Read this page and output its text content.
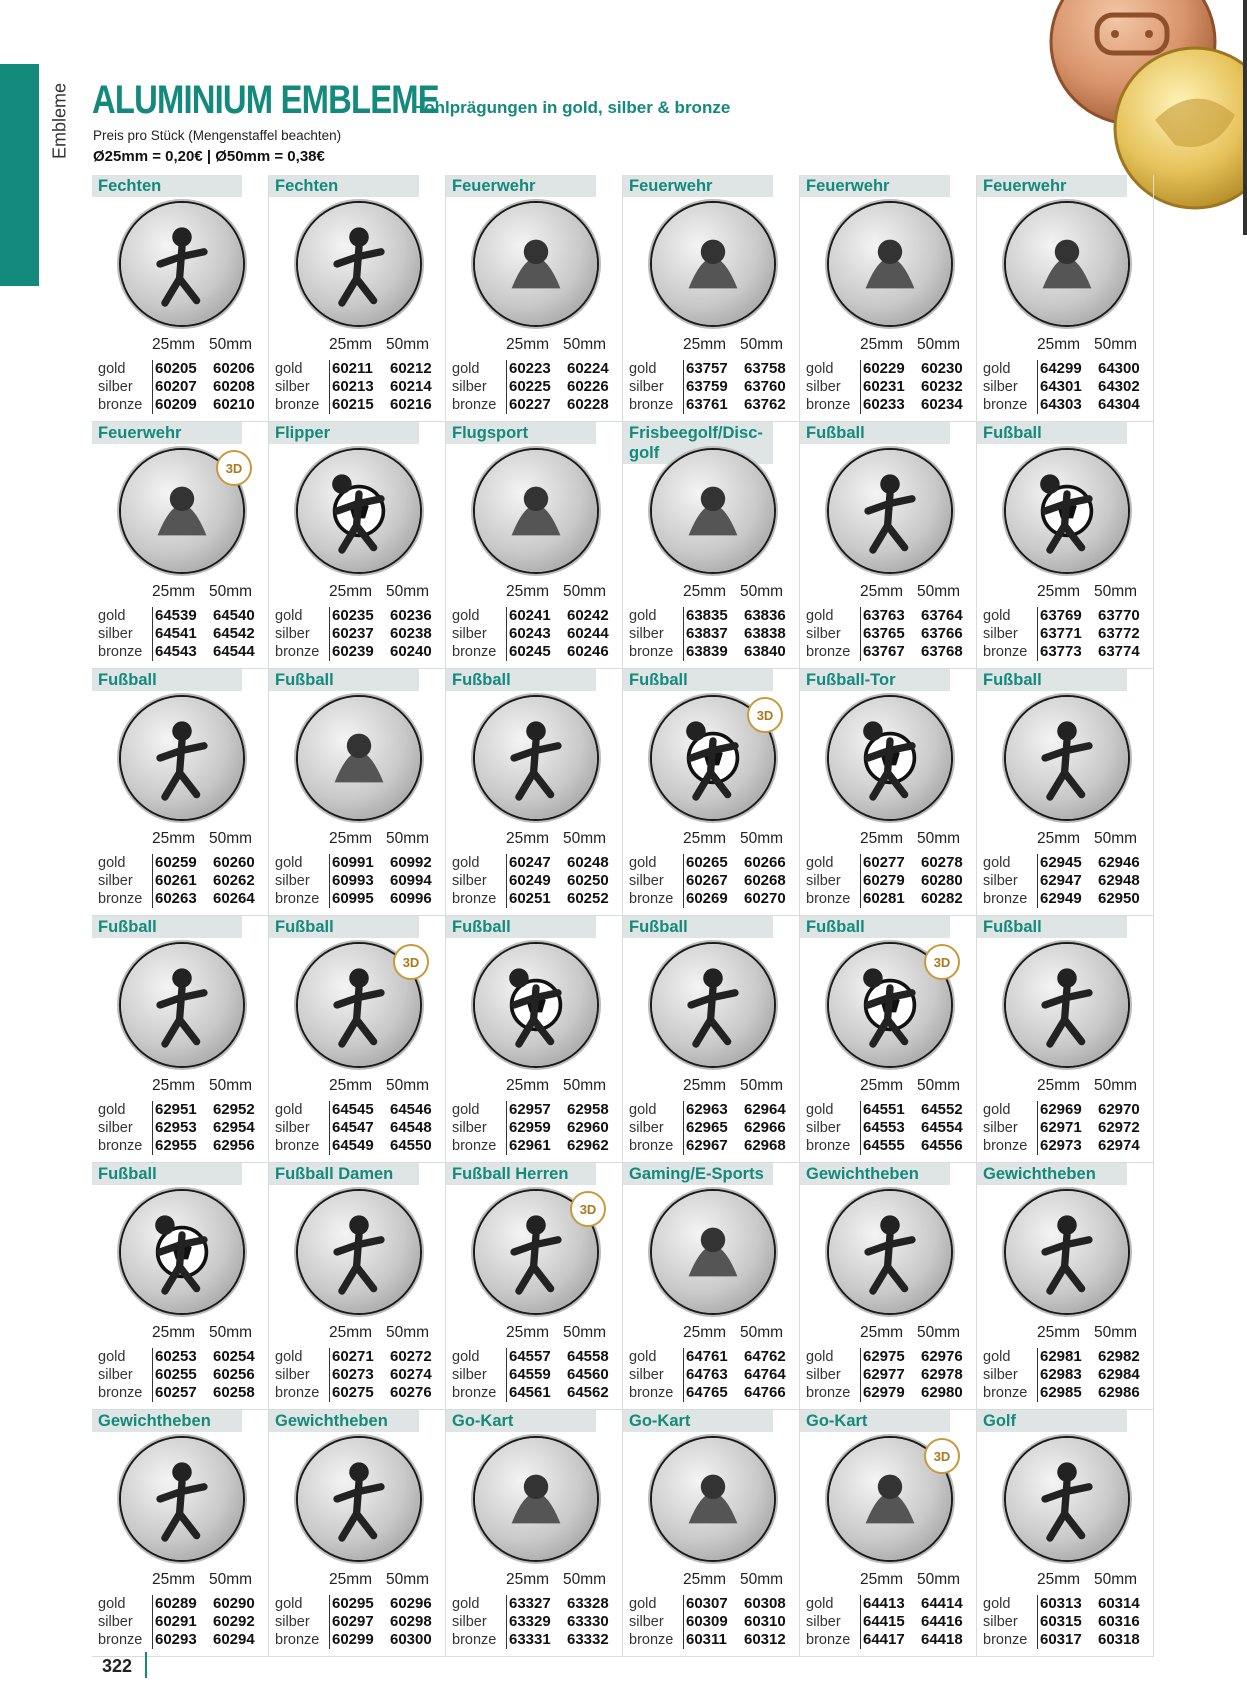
Embleme ALUMINIUM EMBLEME
Hohlprägungen in gold, silber & bronze
Preis pro Stück (Mengenstaffel beachten)
Ø25mm = 0,20€ | Ø50mm = 0,38€
Fechten
25mm 50mm
gold	60205	60206
silber	60207	60208
bronze 60209	60210
Fechten
25mm 50mm
gold	60211	60212
silber	60213	60214
bronze 60215	60216
Feuerwehr
25mm 50mm
gold	60223	60224
silber	60225	60226
bronze 60227	60228
Feuerwehr
25mm 50mm
gold	63757	63758
silber	63759	63760
bronze 63761	63762
Feuerwehr
25mm 50mm
gold	60229	60230
silber	60231	60232
bronze 60233	60234
Feuerwehr
25mm 50mm
gold	64299	64300
silber	64301	64302
bronze 64303	64304
Feuerwehr
3D
25mm 50mm
gold	64539	64540
silber	64541	64542
bronze 64543	64544
Flipper
25mm 50mm
gold	60235	60236
silber	60237	60238
bronze 60239	60240
Flugsport
25mm 50mm
gold	60241	60242
silber	60243	60244
bronze 60245	60246
Frisbeegolf/Disc-golf
25mm 50mm
gold	63835	63836
silber	63837	63838
bronze 63839	63840
Fußball
25mm 50mm
gold	63763	63764
silber	63765	63766
bronze 63767	63768
Fußball
25mm 50mm
gold	63769	63770
silber	63771	63772
bronze 63773	63774
Fußball
25mm 50mm
gold	60259	60260
silber	60261	60262
bronze 60263	60264
Fußball
25mm 50mm
gold	60991	60992
silber	60993	60994
bronze 60995	60996
Fußball
25mm 50mm
gold	60247	60248
silber	60249	60250
bronze 60251	60252
Fußball
3D
25mm 50mm
gold	60265	60266
silber	60267	60268
bronze 60269	60270
Fußball-Tor
25mm 50mm
gold	60277	60278
silber	60279	60280
bronze 60281	60282
Fußball
25mm 50mm
gold	62945	62946
silber	62947	62948
bronze 62949	62950
Fußball
25mm 50mm
gold	62951	62952
silber	62953	62954
bronze 62955	62956
Fußball
3D
25mm 50mm
gold	64545	64546
silber	64547	64548
bronze 64549	64550
Fußball
25mm 50mm
gold	62957	62958
silber	62959	62960
bronze 62961	62962
Fußball
25mm 50mm
gold	62963	62964
silber	62965	62966
bronze 62967	62968
Fußball
3D
25mm 50mm
gold	64551	64552
silber	64553	64554
bronze 64555	64556
Fußball
25mm 50mm
gold	62969	62970
silber	62971	62972
bronze 62973	62974
Fußball
25mm 50mm
gold	60253	60254
silber	60255	60256
bronze 60257	60258
Fußball Damen
25mm 50mm
gold	60271	60272
silber	60273	60274
bronze 60275	60276
Fußball Herren
3D
25mm 50mm
gold	64557	64558
silber	64559	64560
bronze 64561	64562
Gaming/E-Sports
25mm 50mm
gold	64761	64762
silber	64763	64764
bronze 64765	64766
Gewichtheben
25mm 50mm
gold	62975	62976
silber	62977	62978
bronze 62979	62980
Gewichtheben
25mm 50mm
gold	62981	62982
silber	62983	62984
bronze 62985	62986
Gewichtheben
25mm 50mm
gold	60289	60290
silber	60291	60292
bronze 60293	60294
Gewichtheben
25mm 50mm
gold	60295	60296
silber	60297	60298
bronze 60299	60300
Go-Kart
25mm 50mm
gold	63327	63328
silber	63329	63330
bronze 63331	63332
Go-Kart
25mm 50mm
gold	60307	60308
silber	60309	60310
bronze 60311	60312
Go-Kart
3D
25mm 50mm
gold	64413	64414
silber	64415	64416
bronze 64417	64418
Golf
25mm 50mm
gold	60313	60314
silber	60315	60316
bronze 60317	60318
322
